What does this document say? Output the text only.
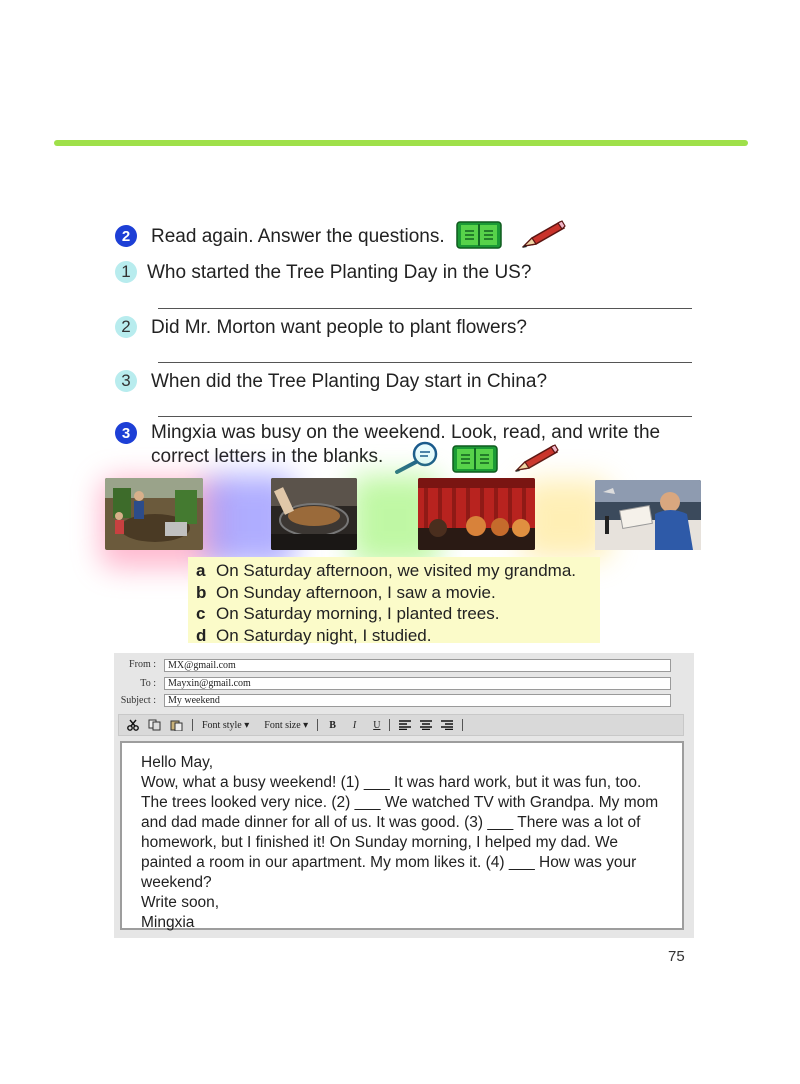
2	Read again. Answer the questions.
1 Who started the Tree Planting Day in the US?
2	Did Mr. Morton want people to plant flowers?
3	When did the Tree Planting Day start in China?
3	Mingxia was busy on the weekend. Look, read, and write the
correct letters in the blanks.
a On Saturday afternoon, we visited my grandma.
b On Sunday afternoon, I saw a movie.
c On Saturday morning, I planted trees.
d On Saturday night, I studied.
From :	MX@gmail.com
To :	Mayxin@gmail.com
Subject :	My weekend
Font style ▾ Font size ▾ B I U

Hello May,

Wow, what a busy weekend! (1) ___ It was hard work, but it was fun, too. The trees looked very nice. (2) ___ We watched TV with Grandpa. My mom and dad made dinner for all of us. It was good. (3) ___ There was a lot of homework, but I finished it! On Sunday morning, I helped my dad. We painted a room in our apartment. My mom likes it. (4) ___ How was your weekend?

Write soon,

Mingxia

75
